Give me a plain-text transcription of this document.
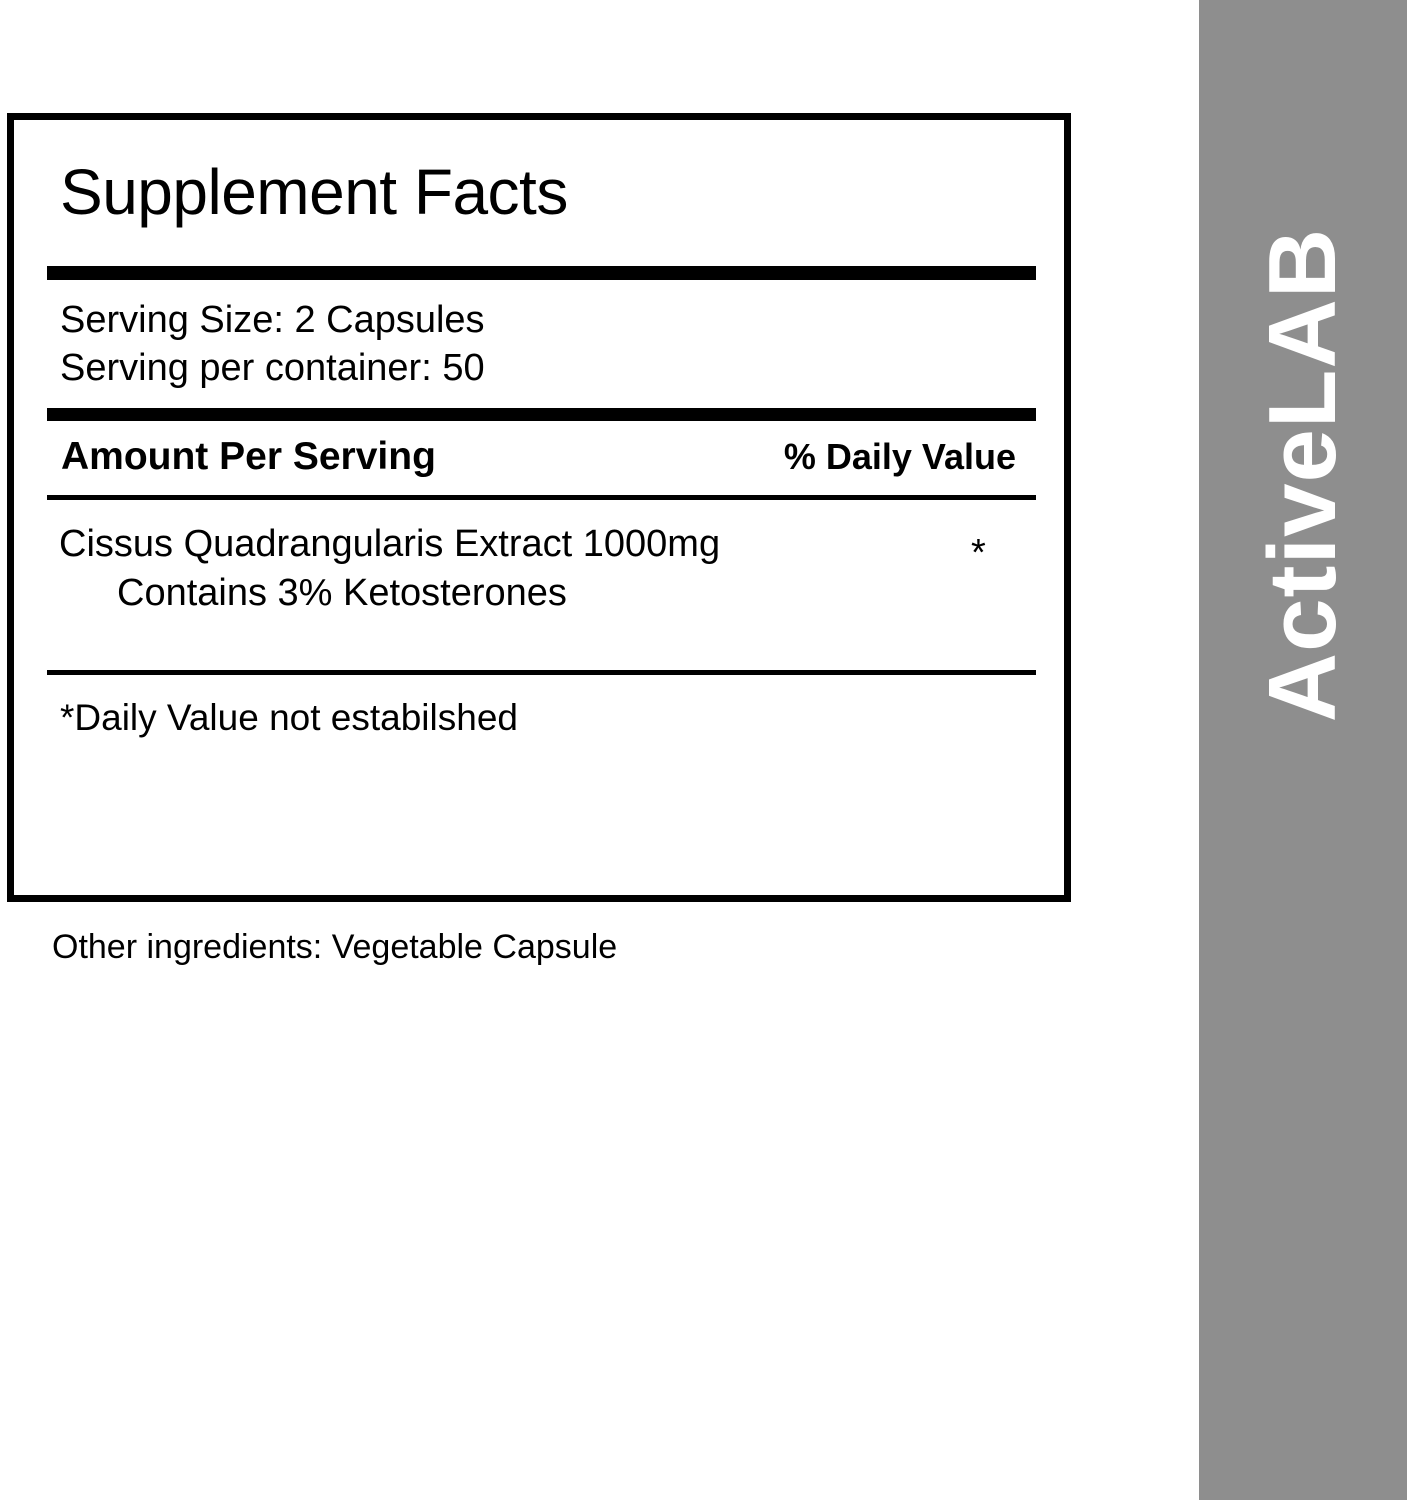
Supplement Facts
Serving Size: 2 Capsules
Serving per container: 50
Amount Per Serving	% Daily Value
Cissus Quadrangularis Extract 1000mg
Contains 3% Ketosterones
*
*Daily Value not estabilshed
Other ingredients: Vegetable Capsule
ActiveLAB
